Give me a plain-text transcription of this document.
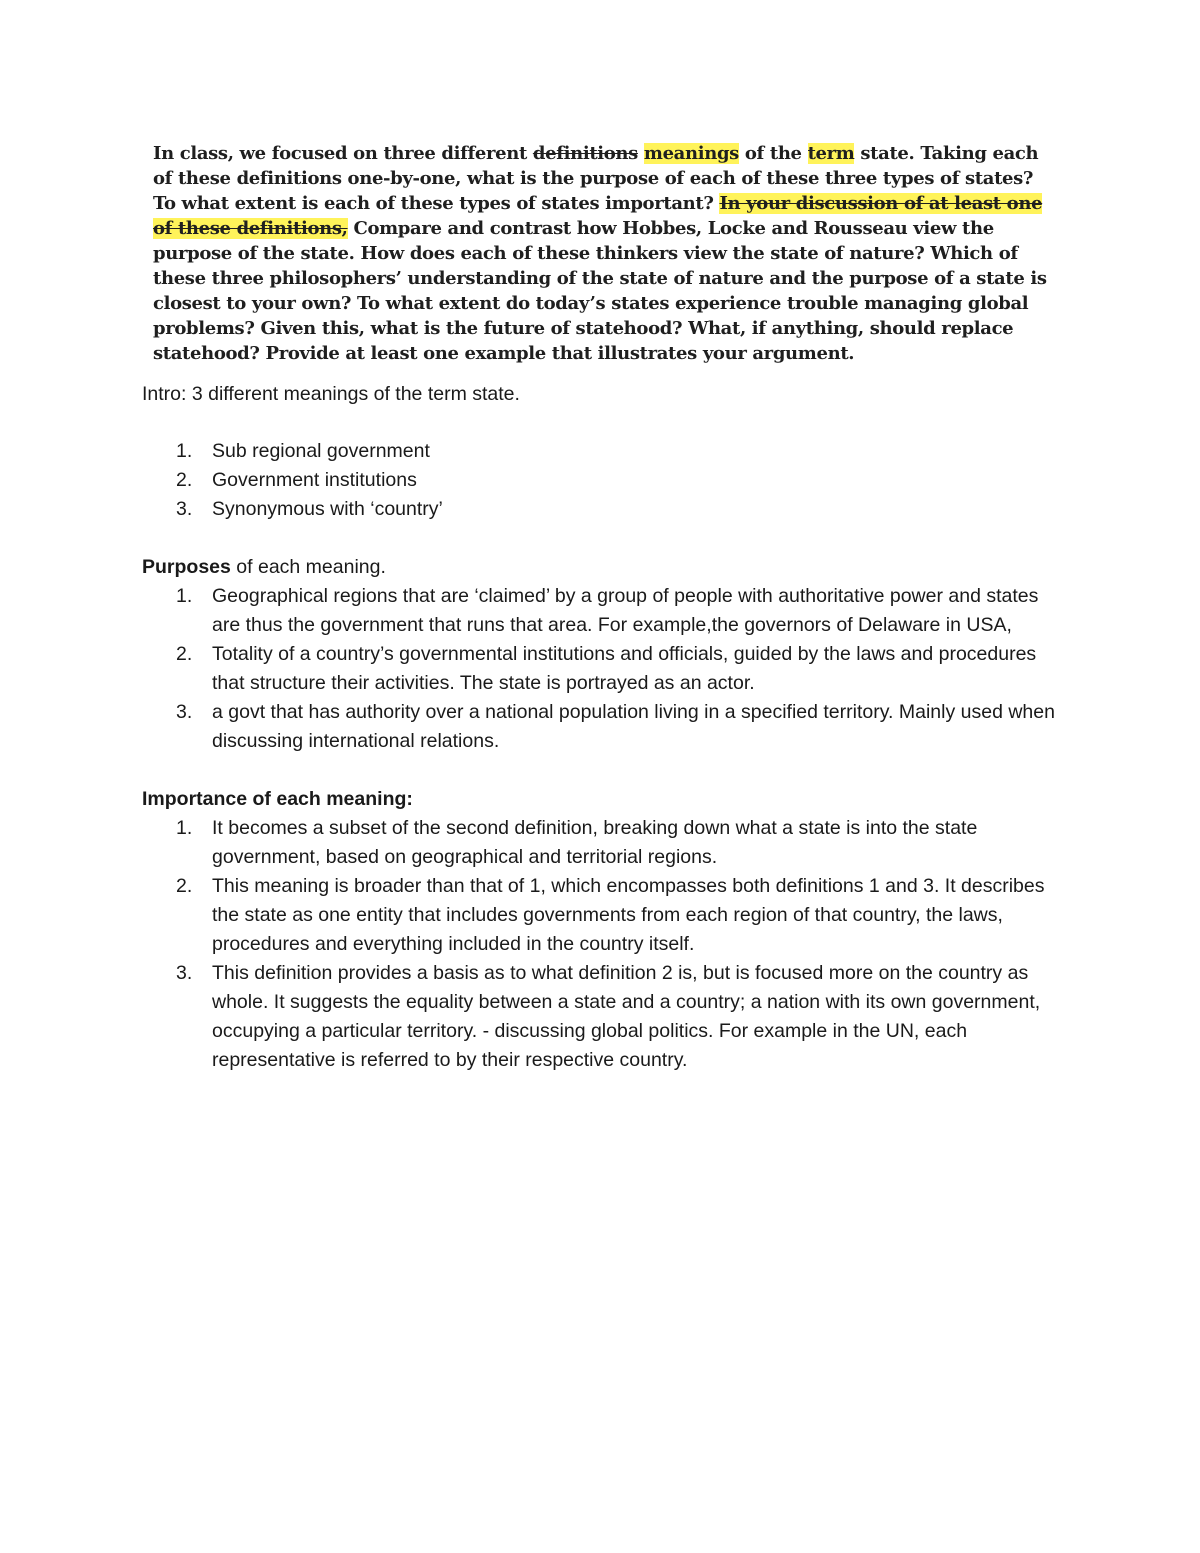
In class, we focused on three different definitions meanings of the term state. Taking each of these definitions one-by-one, what is the purpose of each of these three types of states? To what extent is each of these types of states important? In your discussion of at least one of these definitions, Compare and contrast how Hobbes, Locke and Rousseau view the purpose of the state. How does each of these thinkers view the state of nature? Which of these three philosophers’ understanding of the state of nature and the purpose of a state is closest to your own? To what extent do today’s states experience trouble managing global problems? Given this, what is the future of statehood? What, if anything, should replace statehood? Provide at least one example that illustrates your argument.

Intro: 3 different meanings of the term state.

1. Sub regional government
2. Government institutions
3. Synonymous with ‘country’

Purposes of each meaning.

1. Geographical regions that are ‘claimed’ by a group of people with authoritative power and states are thus the government that runs that area. For example,the governors of Delaware in USA,
2. Totality of a country’s governmental institutions and officials, guided by the laws and procedures that structure their activities. The state is portrayed as an actor.
3. a govt that has authority over a national population living in a specified territory. Mainly used when discussing international relations.

Importance of each meaning:

1. It becomes a subset of the second definition, breaking down what a state is into the state government, based on geographical and territorial regions.
2. This meaning is broader than that of 1, which encompasses both definitions 1 and 3. It describes the state as one entity that includes governments from each region of that country, the laws, procedures and everything included in the country itself.
3. This definition provides a basis as to what definition 2 is, but is focused more on the country as whole. It suggests the equality between a state and a country; a nation with its own government, occupying a particular territory. - discussing global politics. For example in the UN, each representative is referred to by their respective country.
